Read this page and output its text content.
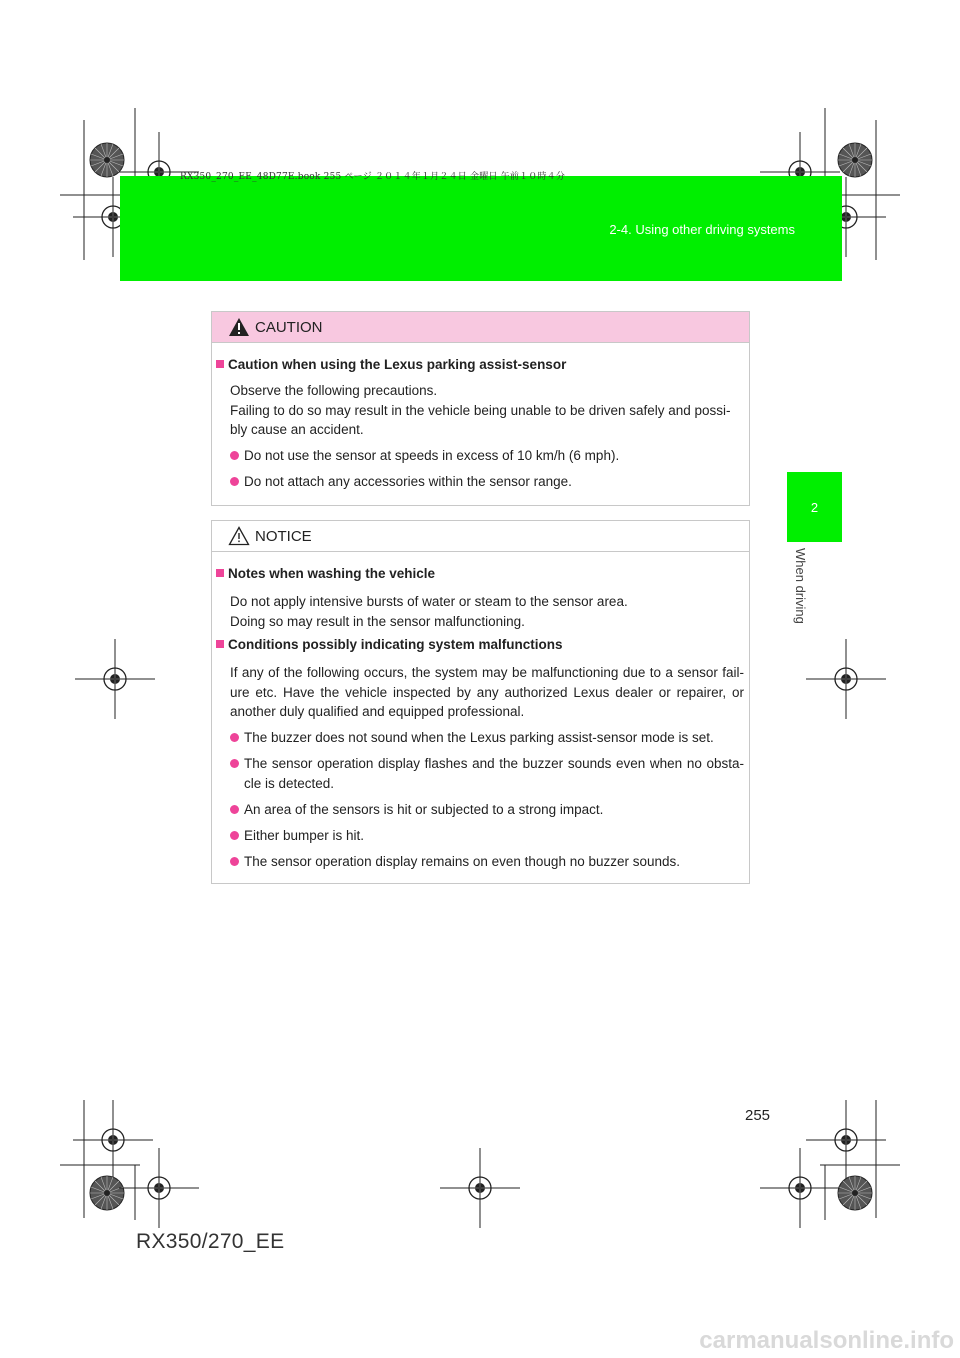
RX350_270_EE_48D77E.book 255 ページ ２０１４年１月２４日 金曜日 午前１０時４分
2-4. Using other driving systems
2
When driving
CAUTION
Caution when using the Lexus parking assist-sensor
Observe the following precautions.
Failing to do so may result in the vehicle being unable to be driven safely and possi-
bly cause an accident.
Do not use the sensor at speeds in excess of 10 km/h (6 mph).
Do not attach any accessories within the sensor range.
NOTICE
Notes when washing the vehicle
Do not apply intensive bursts of water or steam to the sensor area.
Doing so may result in the sensor malfunctioning.
Conditions possibly indicating system malfunctions
If any of the following occurs, the system may be malfunctioning due to a sensor fail-ure etc. Have the vehicle inspected by any authorized Lexus dealer or repairer, or another duly qualified and equipped professional.
The buzzer does not sound when the Lexus parking assist-sensor mode is set.
The sensor operation display flashes and the buzzer sounds even when no obsta-cle is detected.
An area of the sensors is hit or subjected to a strong impact.
Either bumper is hit.
The sensor operation display remains on even though no buzzer sounds.
255
RX350/270_EE
carmanualsonline.info
